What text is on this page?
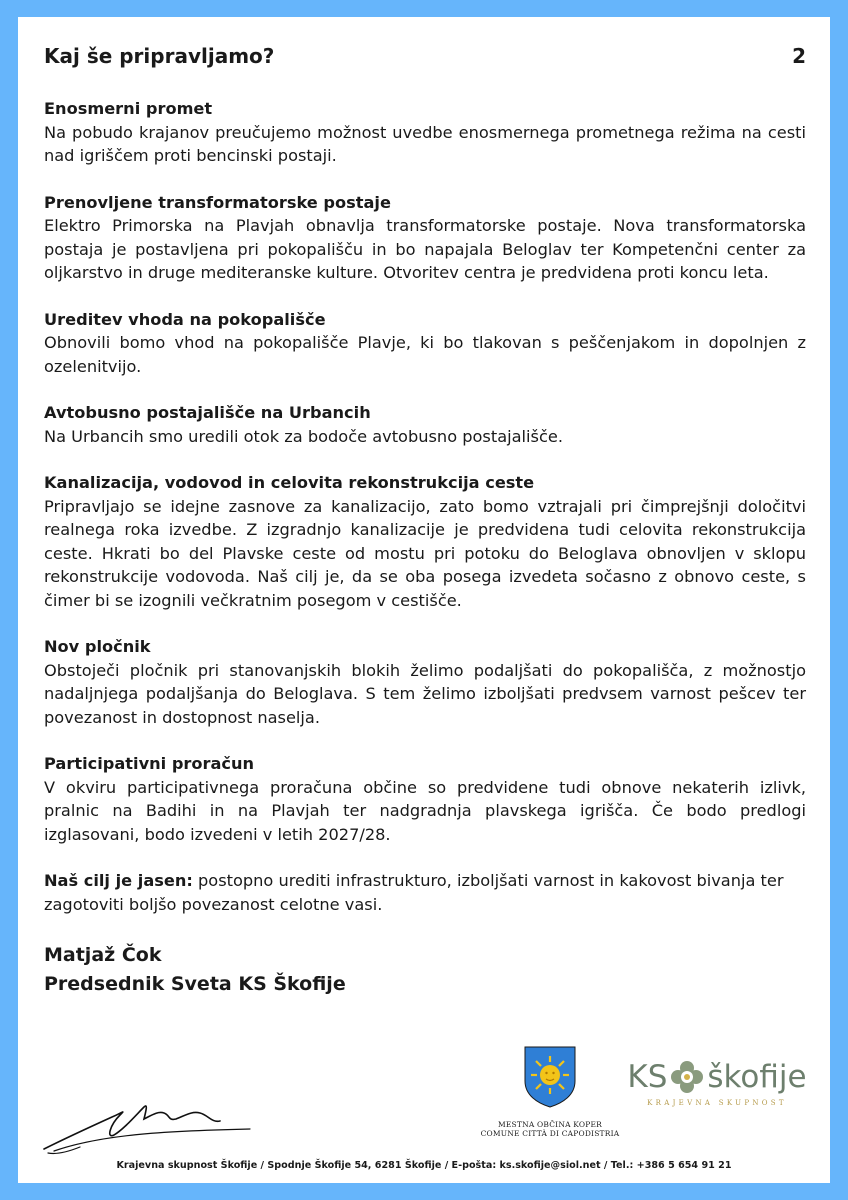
Kaj še pripravljamo?	2
Enosmerni promet

Na pobudo krajanov preučujemo možnost uvedbe enosmernega prometnega režima na cesti nad igriščem proti bencinski postaji.

Prenovljene transformatorske postaje

Elektro Primorska na Plavjah obnavlja transformatorske postaje. Nova transformatorska postaja je postavljena pri pokopališču in bo napajala Beloglav ter Kompetenčni center za oljkarstvo in druge mediteranske kulture. Otvoritev centra je predvidena proti koncu leta.

Ureditev vhoda na pokopališče

Obnovili bomo vhod na pokopališče Plavje, ki bo tlakovan s peščenjakom in dopolnjen z ozelenitvijo.

Avtobusno postajališče na Urbancih

Na Urbancih smo uredili otok za bodoče avtobusno postajališče.

Kanalizacija, vodovod in celovita rekonstrukcija ceste

Pripravljajo se idejne zasnove za kanalizacijo, zato bomo vztrajali pri čimprejšnji določitvi realnega roka izvedbe. Z izgradnjo kanalizacije je predvidena tudi celovita rekonstrukcija ceste. Hkrati bo del Plavske ceste od mostu pri potoku do Beloglava obnovljen v sklopu rekonstrukcije vodovoda. Naš cilj je, da se oba posega izvedeta sočasno z obnovo ceste, s čimer bi se izognili večkratnim posegom v cestišče.

Nov pločnik

Obstoječi pločnik pri stanovanjskih blokih želimo podaljšati do pokopališča, z možnostjo nadaljnjega podaljšanja do Beloglava. S tem želimo izboljšati predvsem varnost pešcev ter povezanost in dostopnost naselja.

Participativni proračun

V okviru participativnega proračuna občine so predvidene tudi obnove nekaterih izlivk, pralnic na Badihi in na Plavjah ter nadgradnja plavskega igrišča. Če bodo predlogi izglasovani, bodo izvedeni v letih 2027/28.

Naš cilj je jasen: postopno urediti infrastrukturo, izboljšati varnost in kakovost bivanja ter zagotoviti boljšo povezanost celotne vasi.

Matjaž Čok
Predsednik Sveta KS Škofije
MESTNA OBČINA KOPER
COMUNE CITTÀ DI CAPODISTRIA
KS škofije
KRAJEVNA SKUPNOST
Krajevna skupnost Škofije / Spodnje Škofije 54, 6281 Škofije / E-pošta: ks.skofije@siol.net / Tel.: +386 5 654 91 21
